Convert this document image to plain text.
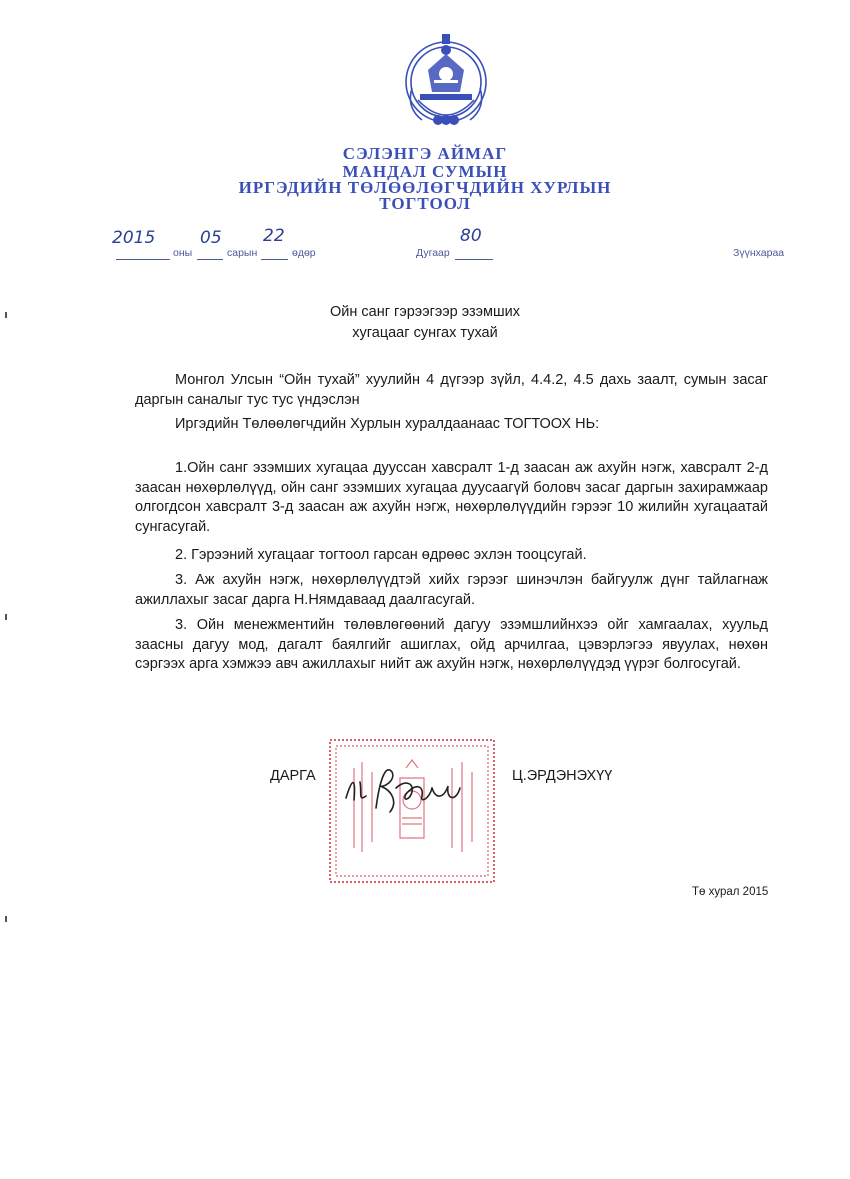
СЭЛЭНГЭ АЙМАГ
МАНДАЛ СУМЫН
ИРГЭДИЙН ТӨЛӨӨЛӨГЧДИЙН ХУРЛЫН
ТОГТООЛ
2015
оны
05
сарын
22
өдөр	Дугаар
80
Зүүнхараа
Ойн санг гэрээгээр эзэмших
хугацааг сунгах тухай
Монгол Улсын “Ойн тухай” хуулийн 4 дүгээр зүйл, 4.4.2, 4.5 дахь заалт, сумын засаг даргын саналыг тус тус үндэслэн
Иргэдийн Төлөөлөгчдийн Хурлын хуралдаанаас ТОГТООХ НЬ:
1.Ойн санг эзэмших хугацаа дууссан хавсралт 1-д заасан аж ахуйн нэгж, хавсралт 2-д заасан нөхөрлөлүүд, ойн санг эзэмших хугацаа дуусаагүй боловч засаг даргын захирамжаар олгогдсон хавсралт 3-д заасан аж ахуйн нэгж, нөхөрлөлүүдийн гэрээг 10 жилийн хугацаатай сунгасугай.
2. Гэрээний хугацааг тогтоол гарсан өдрөөс эхлэн тооцсугай.
3. Аж ахуйн нэгж, нөхөрлөлүүдтэй хийх гэрээг шинэчлэн байгуулж дүнг тайлагнаж ажиллахыг засаг дарга Н.Нямдаваад даалгасугай.
3. Ойн менежментийн төлөвлөгөөний дагуу эзэмшлийнхээ ойг хамгаалах, хуульд заасны дагуу мод, дагалт баялгийг ашиглах, ойд арчилгаа, цэвэрлэгээ явуулах, нөхөн сэргээх арга хэмжээ авч ажиллахыг нийт аж ахуйн нэгж, нөхөрлөлүүдэд үүрэг болгосугай.
ДАРГА	Ц.ЭРДЭНЭХҮҮ
Тө хурал 2015
